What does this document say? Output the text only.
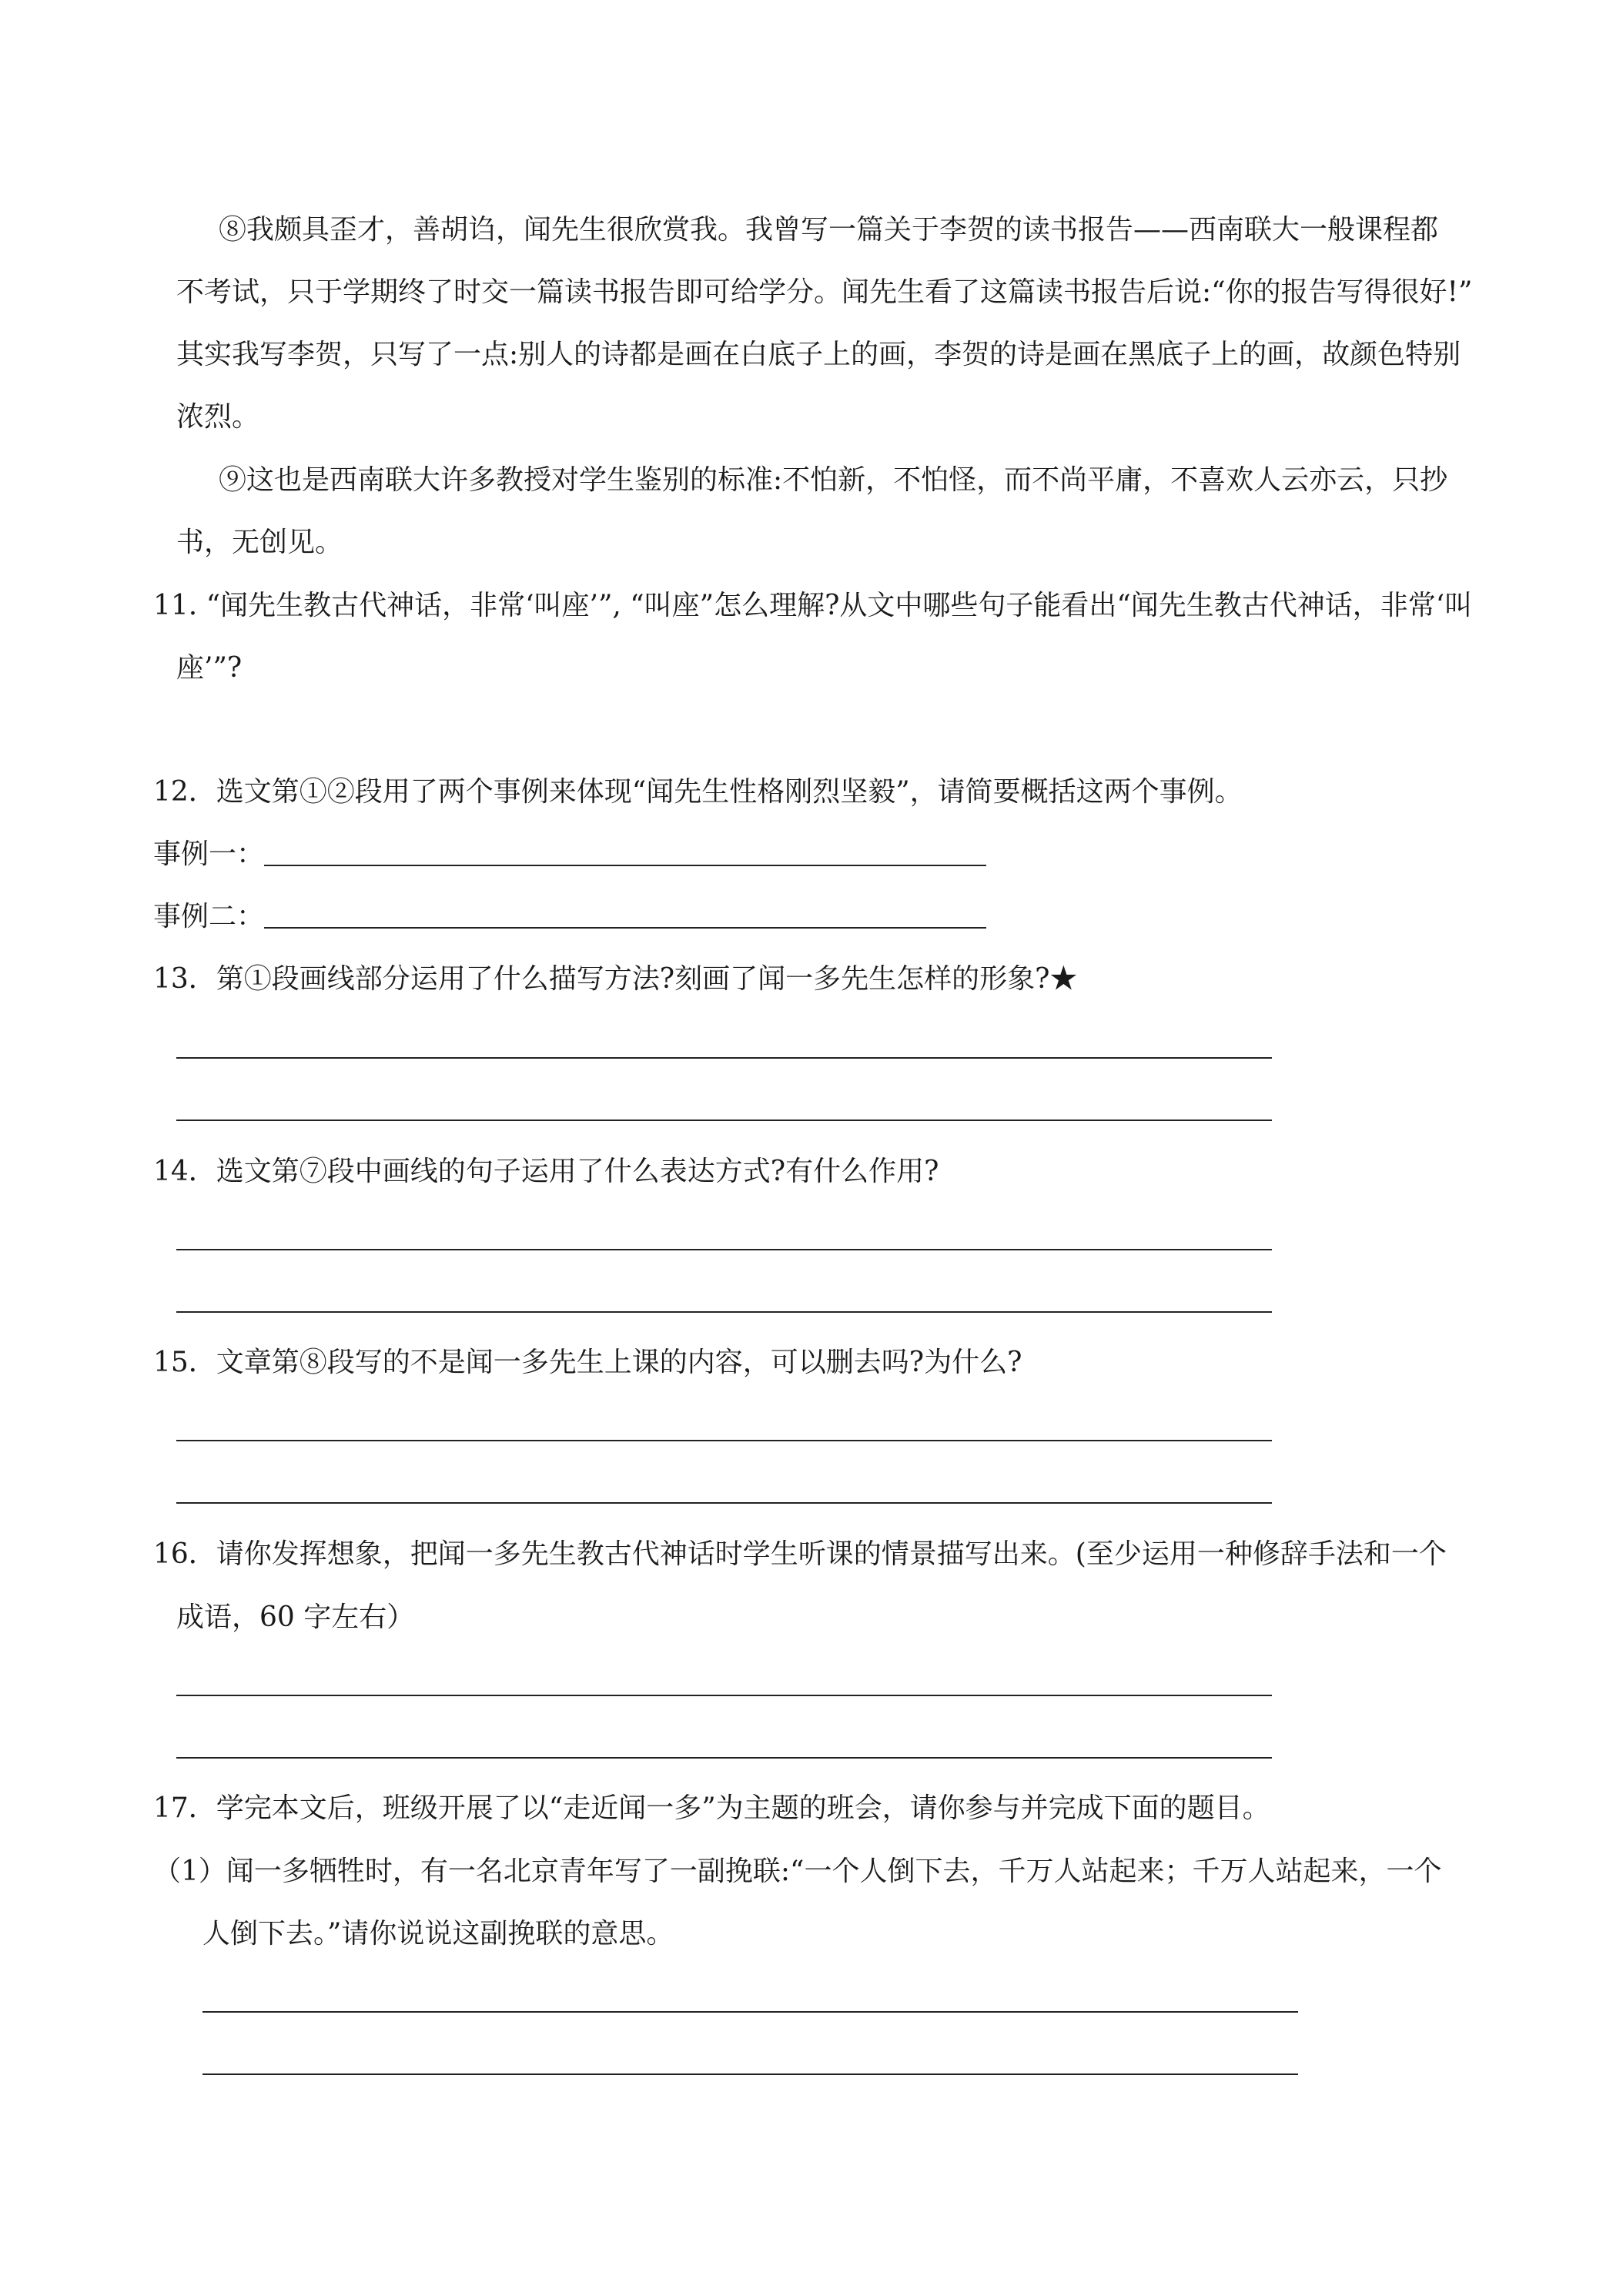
⑧我颇具歪才，善胡诌，闻先生很欣赏我。我曾写一篇关于李贺的读书报告——西南联大一般课程都
不考试，只于学期终了时交一篇读书报告即可给学分。闻先生看了这篇读书报告后说:“你的报告写得很好!”
其实我写李贺，只写了一点:别人的诗都是画在白底子上的画，李贺的诗是画在黑底子上的画，故颜色特别
浓烈。
⑨这也是西南联大许多教授对学生鉴别的标准:不怕新，不怕怪，而不尚平庸，不喜欢人云亦云，只抄
书，无创见。
11. “闻先生教古代神话，非常‘叫座’”, “叫座”怎么理解?从文中哪些句子能看出“闻先生教古代神话，非常‘叫
座’”?
12．选文第①②段用了两个事例来体现“闻先生性格刚烈坚毅”，请简要概括这两个事例。
事例一：
事例二：
13．第①段画线部分运用了什么描写方法?刻画了闻一多先生怎样的形象?★
14．选文第⑦段中画线的句子运用了什么表达方式?有什么作用?
15．文章第⑧段写的不是闻一多先生上课的内容，可以删去吗?为什么?
16．请你发挥想象，把闻一多先生教古代神话时学生听课的情景描写出来。(至少运用一种修辞手法和一个
成语，60 字左右）
17．学完本文后，班级开展了以“走近闻一多”为主题的班会，请你参与并完成下面的题目。
（1）闻一多牺牲时，有一名北京青年写了一副挽联:“一个人倒下去，千万人站起来；千万人站起来，一个
人倒下去。”请你说说这副挽联的意思。
